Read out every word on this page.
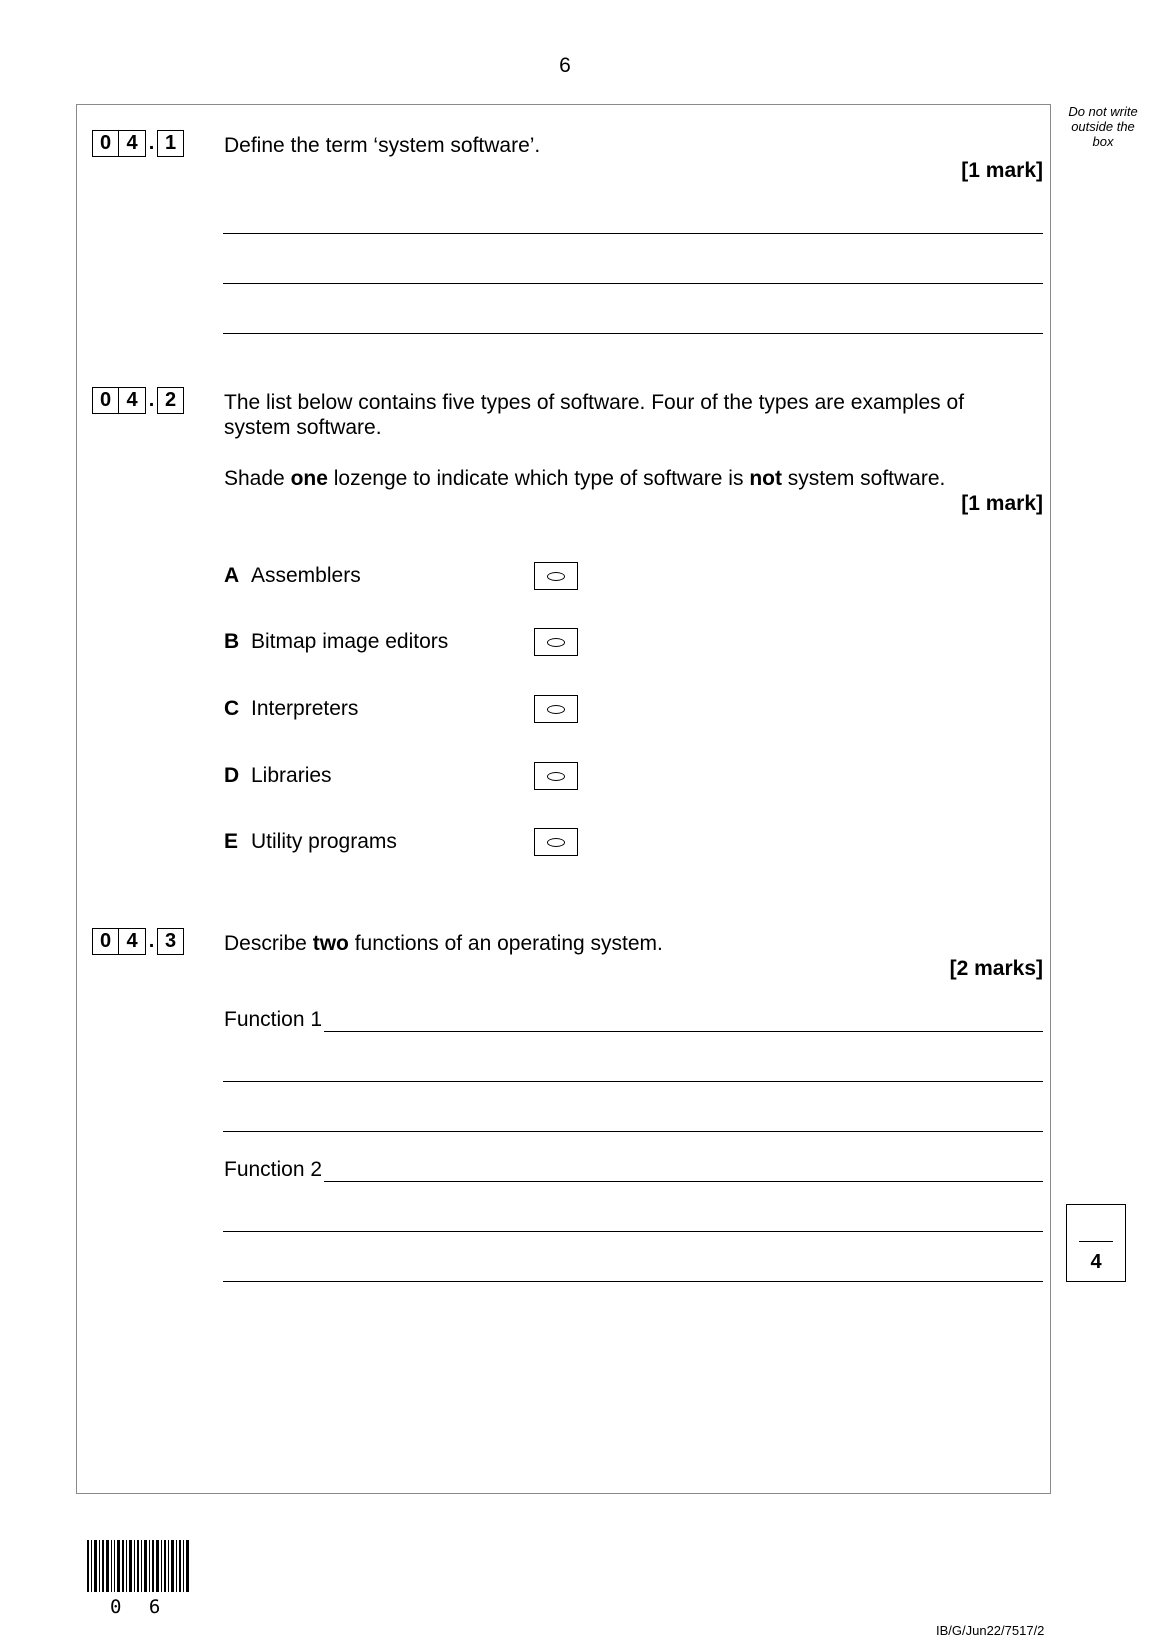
6
Do not write outside the box
0 4 . 1	Define the term ‘system software’.
[1 mark]
0 4 . 2	The list below contains five types of software. Four of the types are examples of system software.
Shade one lozenge to indicate which type of software is not system software.
[1 mark]
A Assemblers
B Bitmap image editors
C Interpreters
D Libraries
E Utility programs
0 4 . 3	Describe two functions of an operating system.
[2 marks]
Function 1
Function 2
4
0 6
IB/G/Jun22/7517/2
